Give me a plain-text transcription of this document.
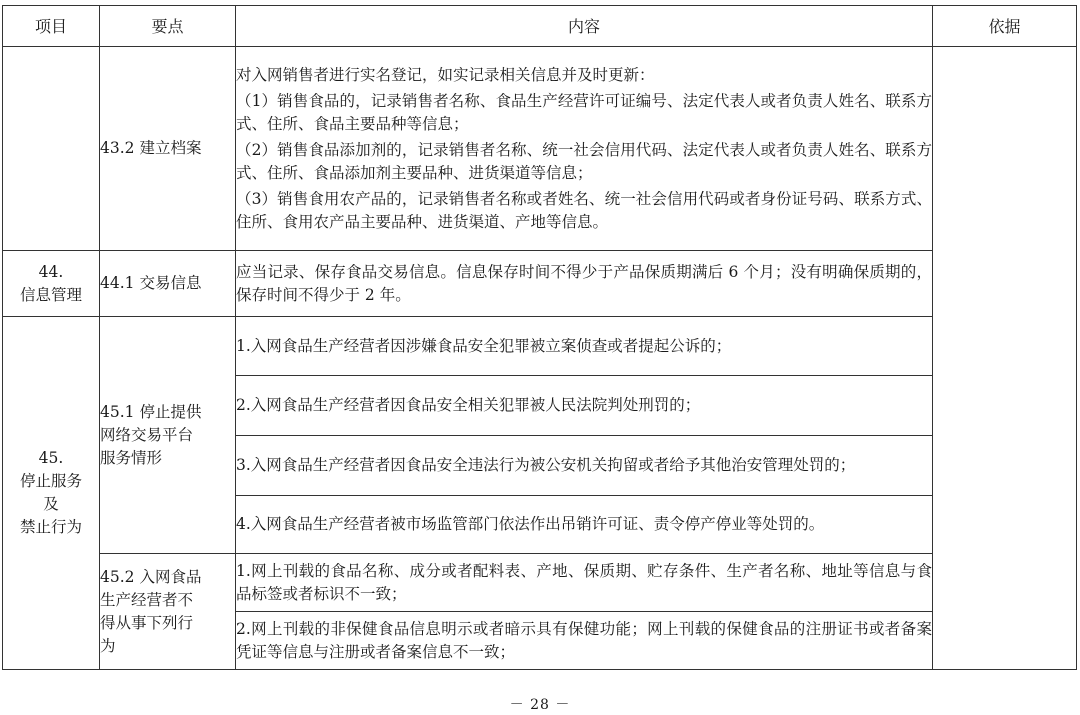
项目	要点	内容	依据
	43.2 建立档案	对入网销售者进行实名登记，如实记录相关信息并及时更新：
（1）销售食品的，记录销售者名称、食品生产经营许可证编号、法定代表人或者负责人姓名、联系方式、住所、食品主要品种等信息；
（2）销售食品添加剂的，记录销售者名称、统一社会信用代码、法定代表人或者负责人姓名、联系方式、住所、食品添加剂主要品种、进货渠道等信息；
（3）销售食用农产品的，记录销售者名称或者姓名、统一社会信用代码或者身份证号码、联系方式、住所、食用农产品主要品种、进货渠道、产地等信息。	

44.
信息管理	44.1 交易信息	应当记录、保存食品交易信息。信息保存时间不得少于产品保质期满后 6 个月；没有明确保质期的，保存时间不得少于 2 年。	

45.
停止服务
及
禁止行为	45.1 停止提供
网络交易平台
服务情形	1.入网食品生产经营者因涉嫌食品安全犯罪被立案侦查或者提起公诉的；	
		2.入网食品生产经营者因食品安全相关犯罪被人民法院判处刑罚的；	
		3.入网食品生产经营者因食品安全违法行为被公安机关拘留或者给予其他治安管理处罚的；	
		4.入网食品生产经营者被市场监管部门依法作出吊销许可证、责令停产停业等处罚的。	

	45.2 入网食品
生产经营者不
得从事下列行
为	1.网上刊载的食品名称、成分或者配料表、产地、保质期、贮存条件、生产者名称、地址等信息与食品标签或者标识不一致；	
		2.网上刊载的非保健食品信息明示或者暗示具有保健功能；网上刊载的保健食品的注册证书或者备案凭证等信息与注册或者备案信息不一致；	
－ 28 －
